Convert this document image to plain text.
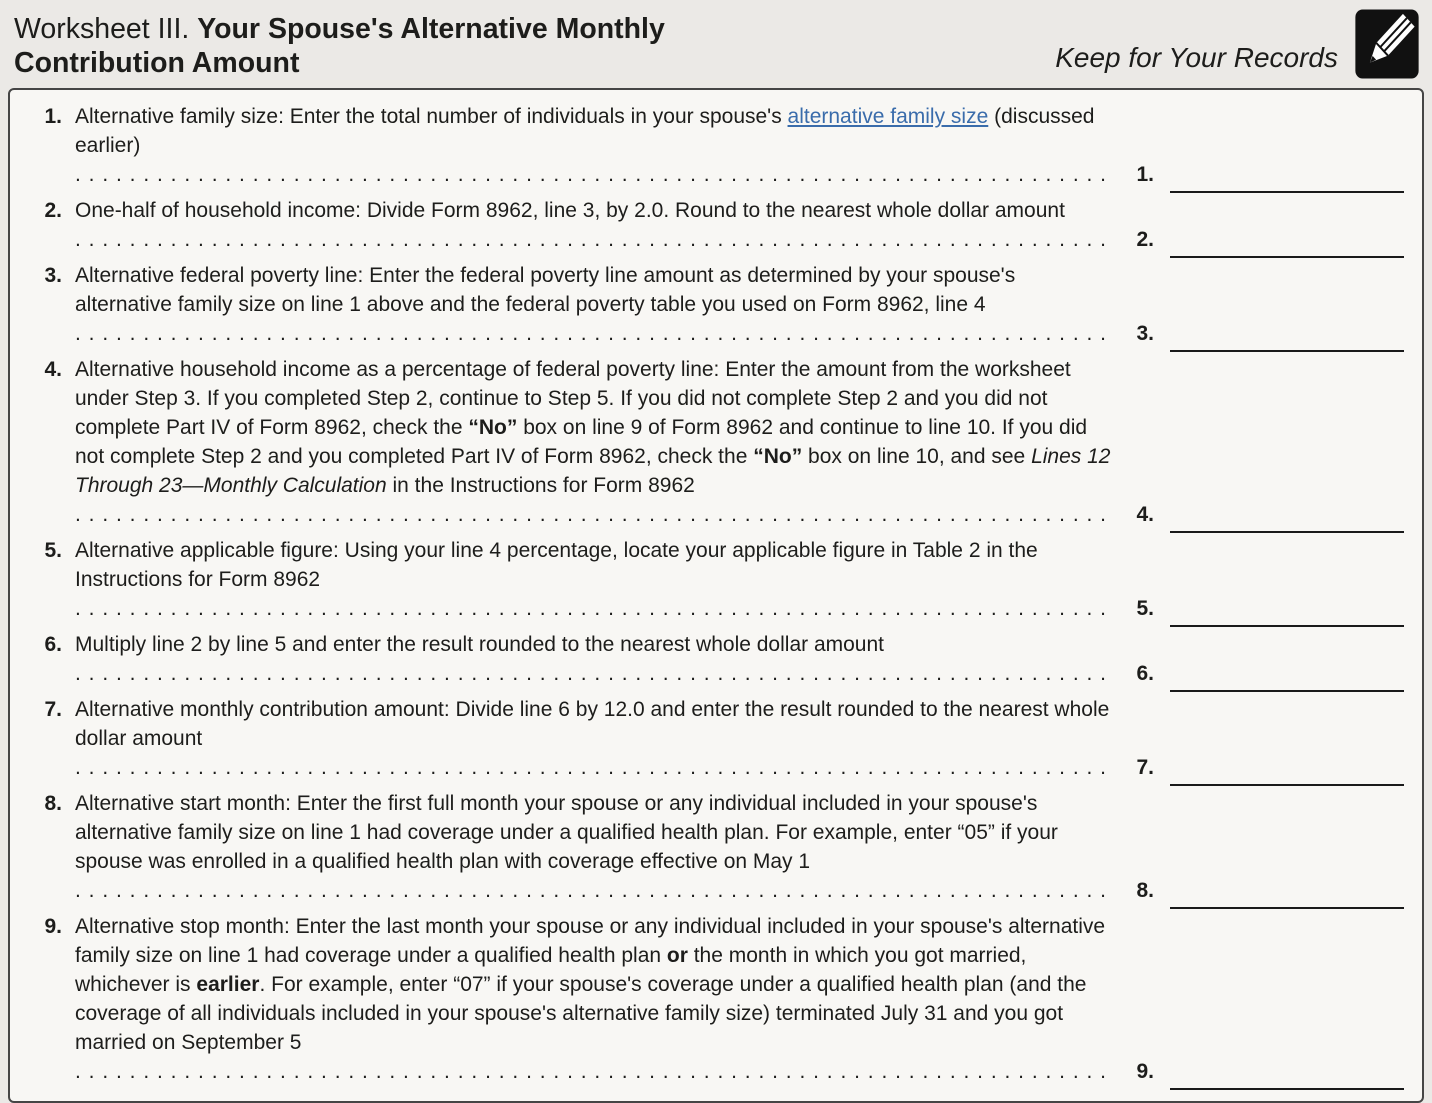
Worksheet III. Your Spouse's Alternative Monthly Contribution Amount	Keep for Your Records
1. Alternative family size: Enter the total number of individuals in your spouse's alternative family size (discussed earlier) . . .
1.
2. One-half of household income: Divide Form 8962, line 3, by 2.0. Round to the nearest whole dollar amount . . .
2.
3. Alternative federal poverty line: Enter the federal poverty line amount as determined by your spouse's alternative family size on line 1 above and the federal poverty table you used on Form 8962, line 4 . . .
3.
4. Alternative household income as a percentage of federal poverty line: Enter the amount from the worksheet under Step 3. If you completed Step 2, continue to Step 5. If you did not complete Step 2 and you did not complete Part IV of Form 8962, check the “No” box on line 9 of Form 8962 and continue to line 10. If you did not complete Step 2 and you completed Part IV of Form 8962, check the “No” box on line 10, and see Lines 12 Through 23—Monthly Calculation in the Instructions for Form 8962 . . .
4.
5. Alternative applicable figure: Using your line 4 percentage, locate your applicable figure in Table 2 in the Instructions for Form 8962 . . .
5.
6. Multiply line 2 by line 5 and enter the result rounded to the nearest whole dollar amount . . .
6.
7. Alternative monthly contribution amount: Divide line 6 by 12.0 and enter the result rounded to the nearest whole dollar amount . . .
7.
8. Alternative start month: Enter the first full month your spouse or any individual included in your spouse's alternative family size on line 1 had coverage under a qualified health plan. For example, enter “05” if your spouse was enrolled in a qualified health plan with coverage effective on May 1 . . .
8.
9. Alternative stop month: Enter the last month your spouse or any individual included in your spouse's alternative family size on line 1 had coverage under a qualified health plan or the month in which you got married, whichever is earlier. For example, enter “07” if your spouse's coverage under a qualified health plan (and the coverage of all individuals included in your spouse's alternative family size) terminated July 31 and you got married on September 5 . . .
9.
